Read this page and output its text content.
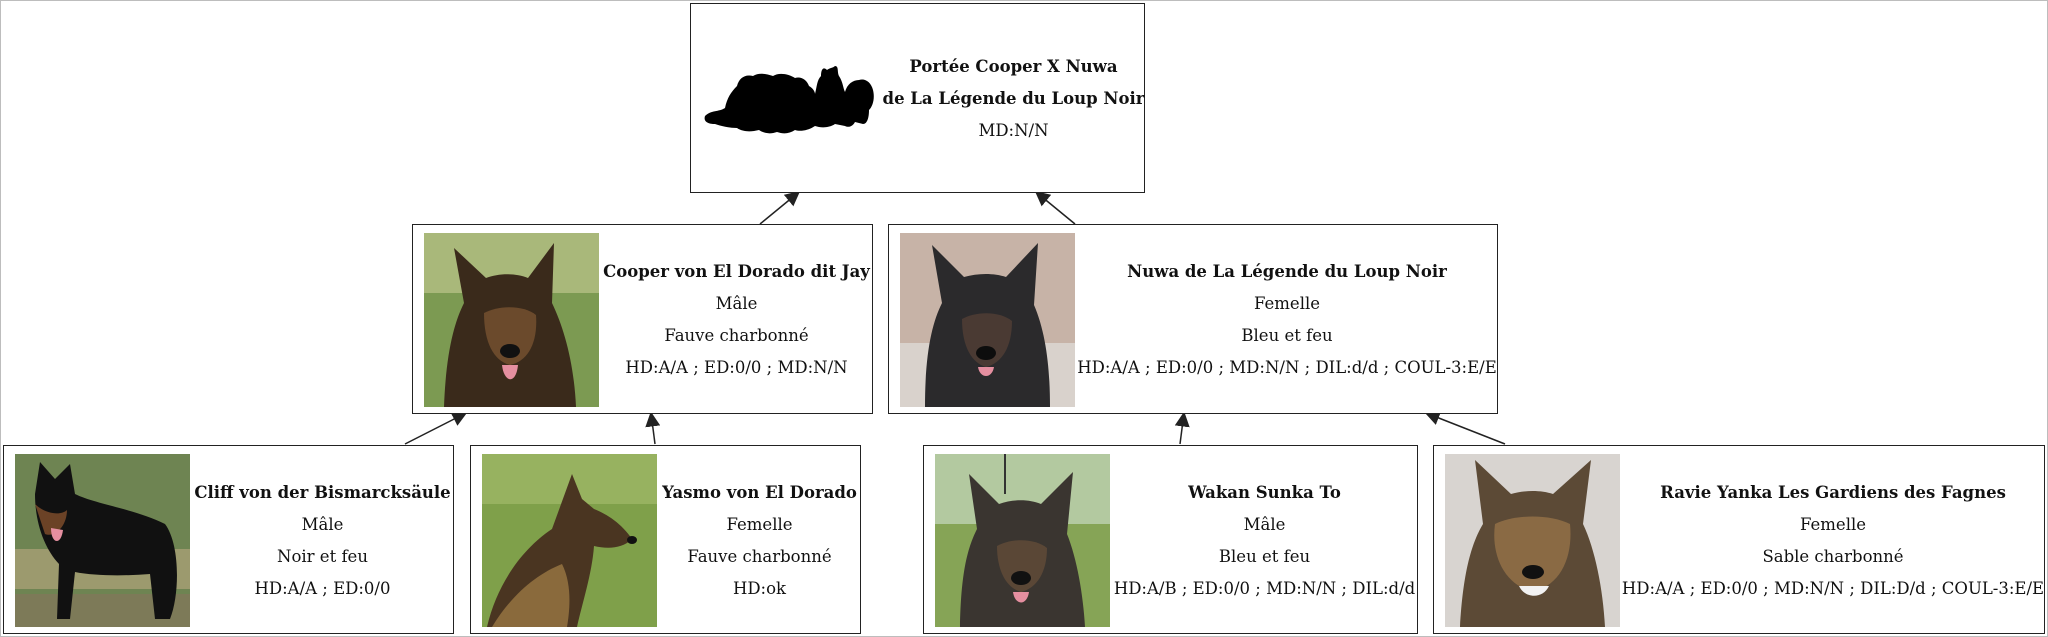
Portée Cooper X Nuwa
de La Légende du Loup Noir
MD:N/N
Cooper von El Dorado dit Jay
Mâle
Fauve charbonné
HD:A/A ; ED:0/0 ; MD:N/N
Nuwa de La Légende du Loup Noir
Femelle
Bleu et feu
HD:A/A ; ED:0/0 ; MD:N/N ; DIL:d/d ; COUL-3:E/E
Cliff von der Bismarcksäule
Mâle
Noir et feu
HD:A/A ; ED:0/0
Yasmo von El Dorado
Femelle
Fauve charbonné
HD:ok
Wakan Sunka To
Mâle
Bleu et feu
HD:A/B ; ED:0/0 ; MD:N/N ; DIL:d/d
Ravie Yanka Les Gardiens des Fagnes
Femelle
Sable charbonné
HD:A/A ; ED:0/0 ; MD:N/N ; DIL:D/d ; COUL-3:E/E
